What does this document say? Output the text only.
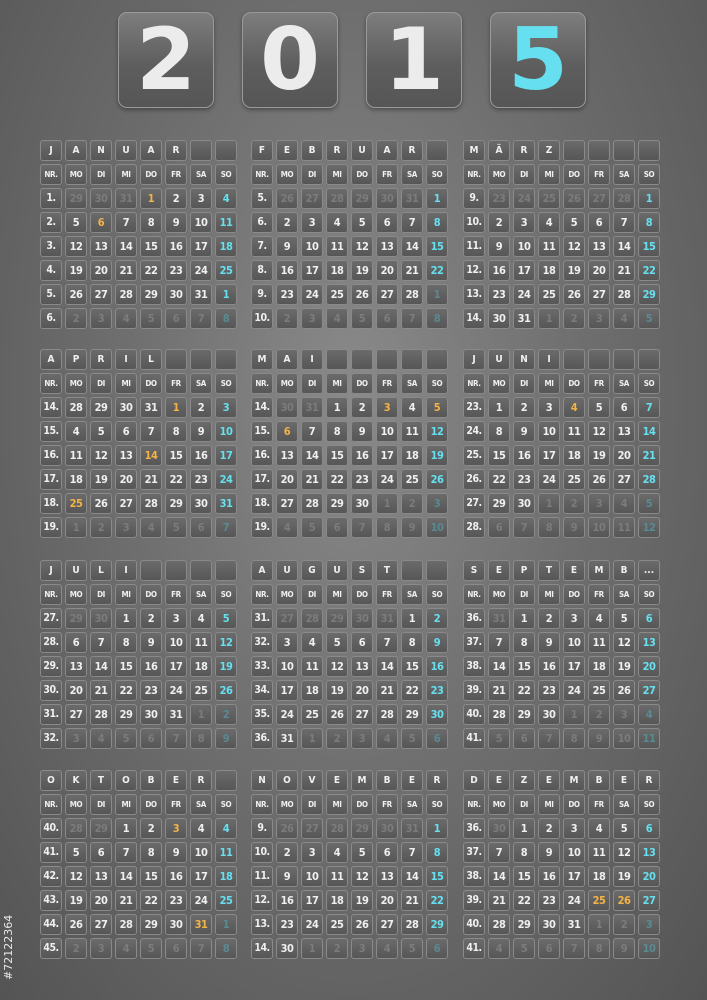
2 0 1 5
J	A	N	U	A	R
NR.	MO	DI	MI	DO	FR	SA	SO
1.	29	30	31	1	2	3	4
2.	5	6	7	8	9	10	11
3.	12	13	14	15	16	17	18
4.	19	20	21	22	23	24	25
5.	26	27	28	29	30	31	1
6.	2	3	4	5	6	7	8
F	E	B	R	U	A	R
NR.	MO	DI	MI	DO	FR	SA	SO
5.	26	27	28	29	30	31	1
6.	2	3	4	5	6	7	8
7.	9	10	11	12	13	14	15
8.	16	17	18	19	20	21	22
9.	23	24	25	26	27	28	1
10.	2	3	4	5	6	7	8
M	Ä	R	Z
NR.	MO	DI	MI	DO	FR	SA	SO
9.	23	24	25	26	27	28	1
10.	2	3	4	5	6	7	8
11.	9	10	11	12	13	14	15
12.	16	17	18	19	20	21	22
13.	23	24	25	26	27	28	29
14.	30	31	1	2	3	4	5
A	P	R	I	L
NR.	MO	DI	MI	DO	FR	SA	SO
14.	28	29	30	31	1	2	3
15.	4	5	6	7	8	9	10
16.	11	12	13	14	15	16	17
17.	18	19	20	21	22	23	24
18.	25	26	27	28	29	30	31
19.	1	2	3	4	5	6	7
M	A	I
NR.	MO	DI	MI	DO	FR	SA	SO
14.	30	31	1	2	3	4	5
15.	6	7	8	9	10	11	12
16.	13	14	15	16	17	18	19
17.	20	21	22	23	24	25	26
18.	27	28	29	30	1	2	3
19.	4	5	6	7	8	9	10
J	U	N	I
NR.	MO	DI	MI	DO	FR	SA	SO
23.	1	2	3	4	5	6	7
24.	8	9	10	11	12	13	14
25.	15	16	17	18	19	20	21
26.	22	23	24	25	26	27	28
27.	29	30	1	2	3	4	5
28.	6	7	8	9	10	11	12
J	U	L	I
NR.	MO	DI	MI	DO	FR	SA	SO
27.	29	30	1	2	3	4	5
28.	6	7	8	9	10	11	12
29.	13	14	15	16	17	18	19
30.	20	21	22	23	24	25	26
31.	27	28	29	30	31	1	2
32.	3	4	5	6	7	8	9
A	U	G	U	S	T
NR.	MO	DI	MI	DO	FR	SA	SO
31.	27	28	29	30	31	1	2
32.	3	4	5	6	7	8	9
33.	10	11	12	13	14	15	16
34.	17	18	19	20	21	22	23
35.	24	25	26	27	28	29	30
36.	31	1	2	3	4	5	6
S	E	P	T	E	M	B	...
NR.	MO	DI	MI	DO	FR	SA	SO
36.	31	1	2	3	4	5	6
37.	7	8	9	10	11	12	13
38.	14	15	16	17	18	19	20
39.	21	22	23	24	25	26	27
40.	28	29	30	1	2	3	4
41.	5	6	7	8	9	10	11
O	K	T	O	B	E	R
NR.	MO	DI	MI	DO	FR	SA	SO
40.	28	29	1	2	3	4	4
41.	5	6	7	8	9	10	11
42.	12	13	14	15	16	17	18
43.	19	20	21	22	23	24	25
44.	26	27	28	29	30	31	1
45.	2	3	4	5	6	7	8
N	O	V	E	M	B	E	R
NR.	MO	DI	MI	DO	FR	SA	SO
9.	26	27	28	29	30	31	1
10.	2	3	4	5	6	7	8
11.	9	10	11	12	13	14	15
12.	16	17	18	19	20	21	22
13.	23	24	25	26	27	28	29
14.	30	1	2	3	4	5	6
D	E	Z	E	M	B	E	R
NR.	MO	DI	MI	DO	FR	SA	SO
36.	30	1	2	3	4	5	6
37.	7	8	9	10	11	12	13
38.	14	15	16	17	18	19	20
39.	21	22	23	24	25	26	27
40.	28	29	30	31	1	2	3
41.	4	5	6	7	8	9	10
#72122364
